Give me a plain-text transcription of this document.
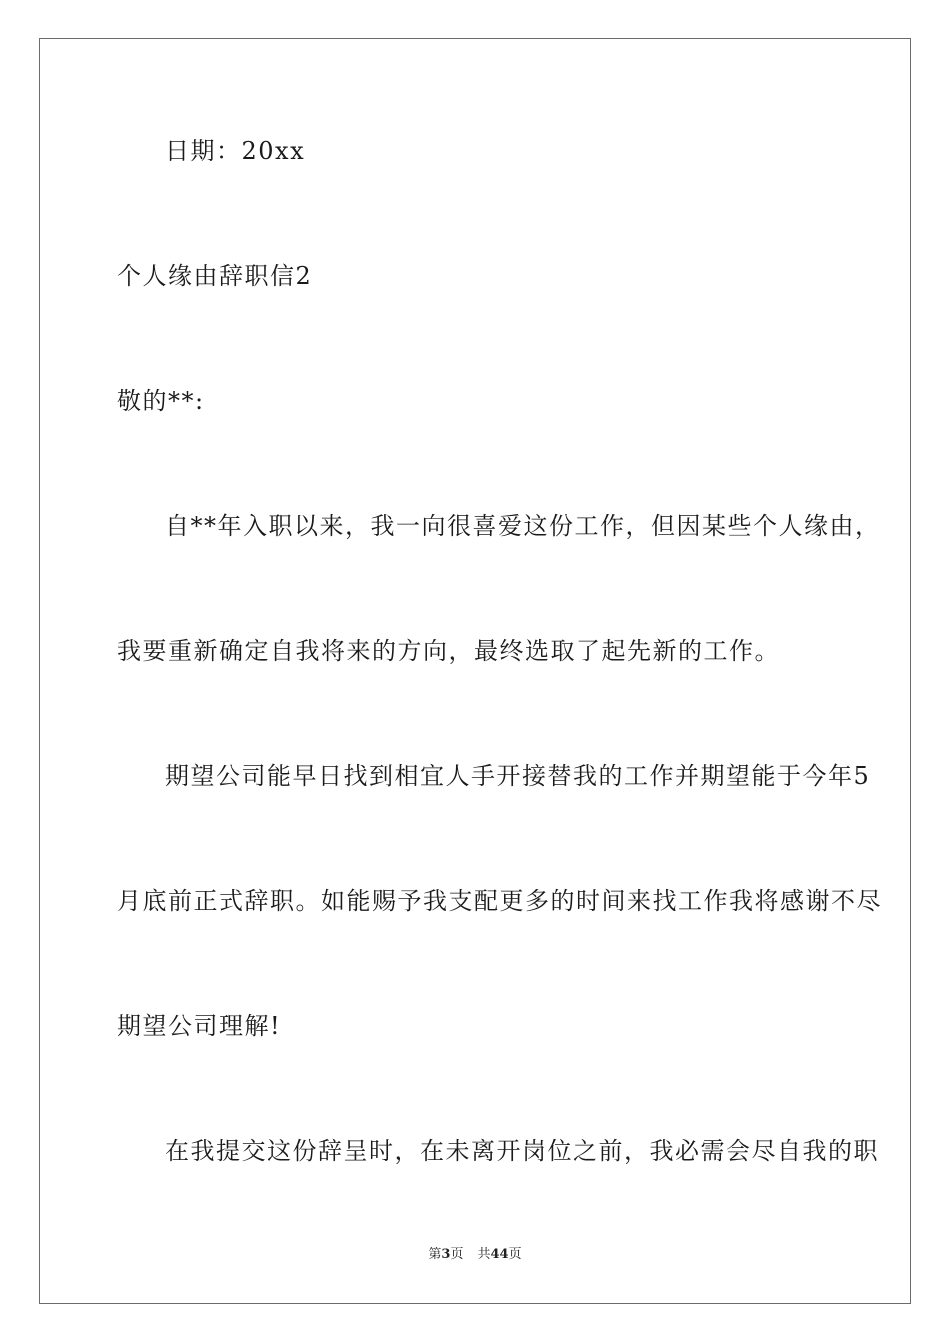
日期：20xx
个人缘由辞职信2
敬的**:
自**年入职以来，我一向很喜爱这份工作，但因某些个人缘由，
我要重新确定自我将来的方向，最终选取了起先新的工作。
期望公司能早日找到相宜人手开接替我的工作并期望能于今年5
月底前正式辞职。如能赐予我支配更多的时间来找工作我将感谢不尽
期望公司理解!
在我提交这份辞呈时，在未离开岗位之前，我必需会尽自我的职
第3页 共44页
